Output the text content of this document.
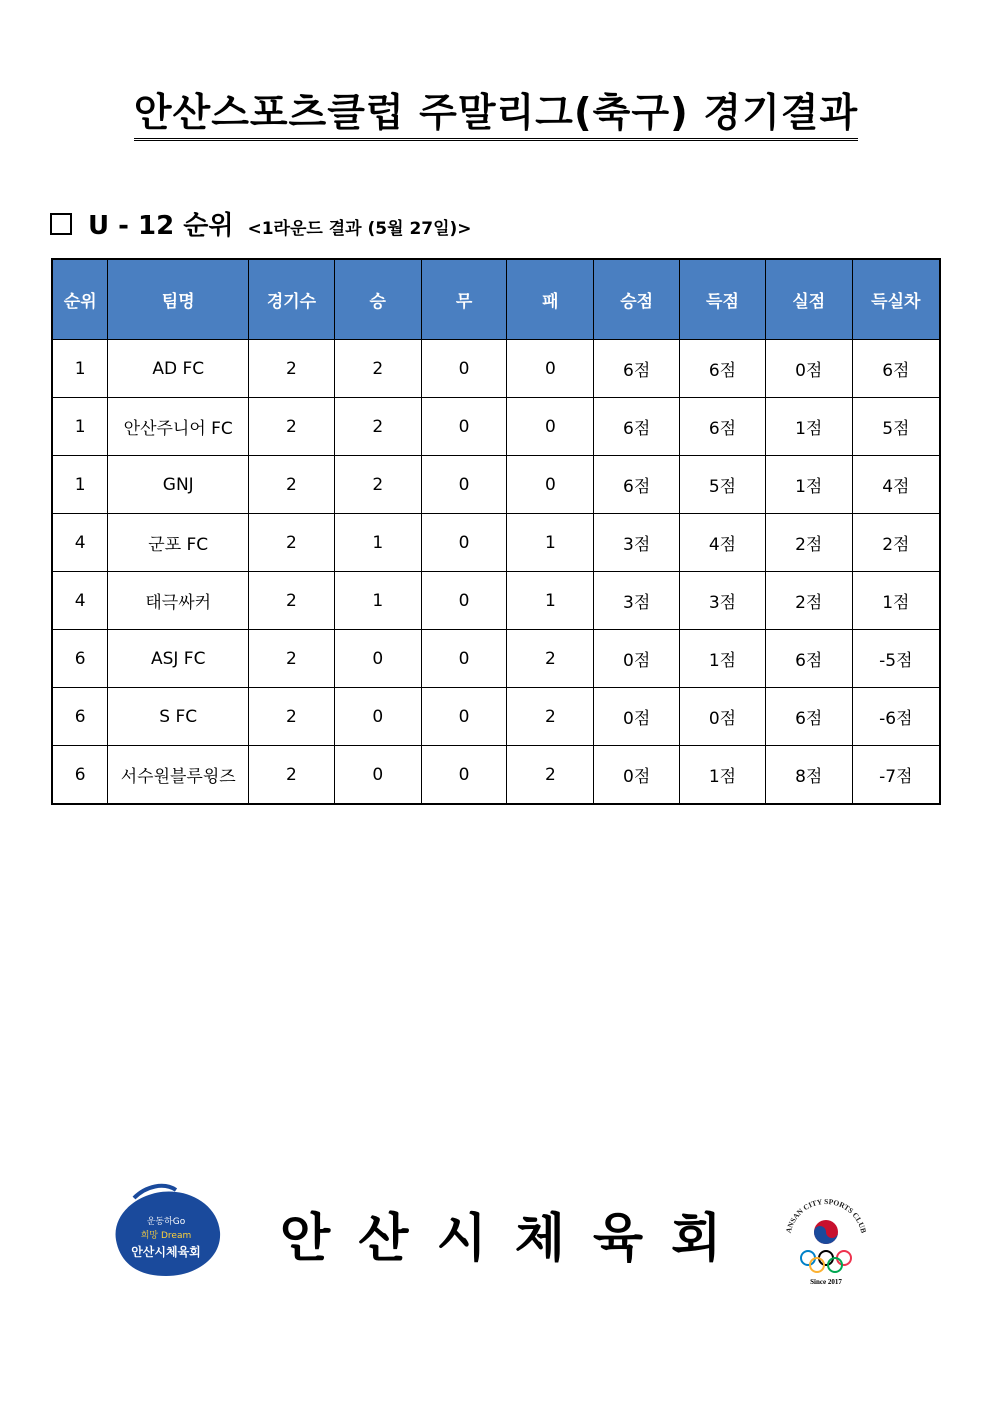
안산스포츠클럽 주말리그(축구) 경기결과
U - 12 순위 <1라운드 결과 (5월 27일)>
순위	팀명	경기수	승	무	패	승점	득점	실점	득실차
1	AD FC	2	2	0	0	6점	6점	0점	6점
1	안산주니어 FC	2	2	0	0	6점	6점	1점	5점
1	GNJ	2	2	0	0	6점	5점	1점	4점
4	군포 FC	2	1	0	1	3점	4점	2점	2점
4	태극싸커	2	1	0	1	3점	3점	2점	1점
6	ASJ FC	2	0	0	2	0점	1점	6점	-5점
6	S FC	2	0	0	2	0점	0점	6점	-6점
6	서수원블루윙즈	2	0	0	2	0점	1점	8점	-7점
운동하Go
희망 Dream
안산시체육회 안산시체육회	ANSAN CITY SPORTS CLUB
Since 2017
